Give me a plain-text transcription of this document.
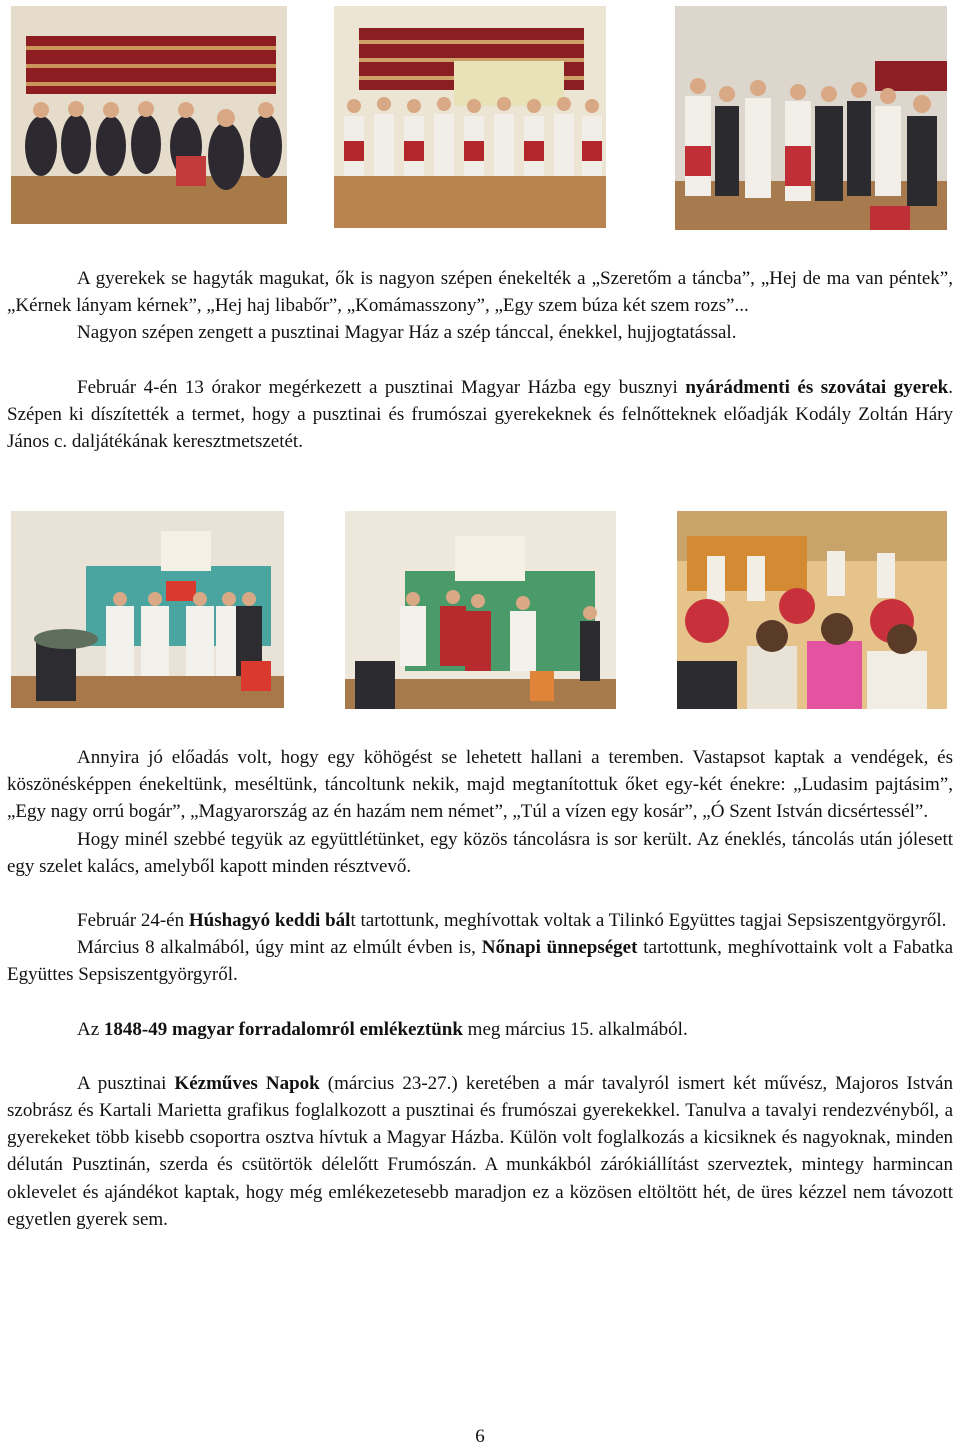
A gyerekek se hagyták magukat, ők is nagyon szépen énekelték a „Szeretőm a táncba”, „Hej de ma van péntek”, „Kérnek lányam kérnek”, „Hej haj libabőr”, „Komámasszony”, „Egy szem búza két szem rozs”...

Nagyon szépen zengett a pusztinai Magyar Ház a szép tánccal, énekkel, hujjogtatással.

Február 4-én 13 órakor megérkezett a pusztinai Magyar Házba egy busznyi nyárádmenti és szovátai gyerek. Szépen ki díszítették a termet, hogy a pusztinai és frumószai gyerekeknek és felnőtteknek előadják Kodály Zoltán Háry János c. daljátékának keresztmetszetét.

Annyira jó előadás volt, hogy egy köhögést se lehetett hallani a teremben. Vastapsot kaptak a vendégek, és köszönésképpen énekeltünk, meséltünk, táncoltunk nekik, majd megtanítottuk őket egy-két énekre: „Ludasim pajtásim”, „Egy nagy orrú bogár”, „Magyarország az én hazám nem német”, „Túl a vízen egy kosár”, „Ó Szent István dicsértessél”.

Hogy minél szebbé tegyük az együttlétünket, egy közös táncolásra is sor került. Az éneklés, táncolás után jólesett egy szelet kalács, amelyből kapott minden résztvevő.

Február 24-én Húshagyó keddi bált tartottunk, meghívottak voltak a Tilinkó Együttes tagjai Sepsiszentgyörgyről.

Március 8 alkalmából, úgy mint az elmúlt évben is, Nőnapi ünnepséget tartottunk, meghívottaink volt a Fabatka Együttes Sepsiszentgyörgyről.

Az 1848-49 magyar forradalomról emlékeztünk meg március 15. alkalmából.

A pusztinai Kézműves Napok (március 23-27.) keretében a már tavalyról ismert két művész, Majoros István szobrász és Kartali Marietta grafikus foglalkozott a pusztinai és frumószai gyerekekkel. Tanulva a tavalyi rendezvényből, a gyerekeket több kisebb csoportra osztva hívtuk a Magyar Házba. Külön volt foglalkozás a kicsiknek és nagyoknak, minden délután Pusztinán, szerda és csütörtök délelőtt Frumószán. A munkákból zárókiállítást szerveztek, mintegy harmincan oklevelet és ajándékot kaptak, hogy még emlékezetesebb maradjon ez a közösen eltöltött hét, de üres kézzel nem távozott egyetlen gyerek sem.

6
